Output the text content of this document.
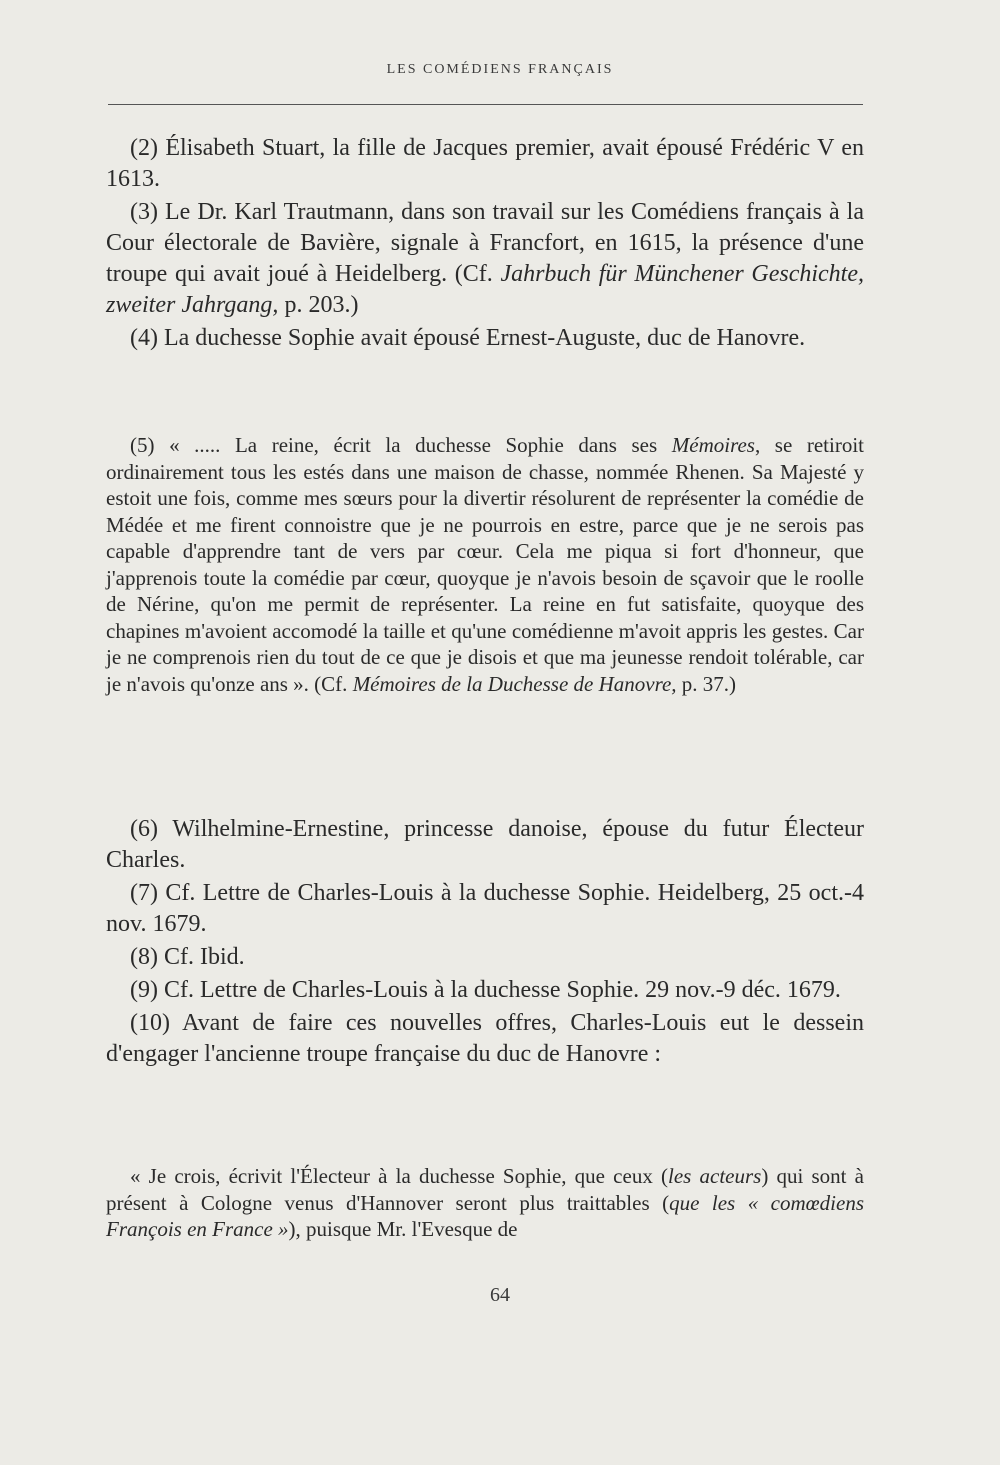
LES COMÉDIENS FRANÇAIS

(2) Élisabeth Stuart, la fille de Jacques premier, avait épousé Frédéric V en 1613.

(3) Le Dr. Karl Trautmann, dans son travail sur les Comédiens français à la Cour électorale de Bavière, signale à Francfort, en 1615, la présence d'une troupe qui avait joué à Heidelberg. (Cf. Jahrbuch für Münchener Geschichte, zweiter Jahrgang, p. 203.)

(4) La duchesse Sophie avait épousé Ernest-Auguste, duc de Hanovre.

(5) « ..... La reine, écrit la duchesse Sophie dans ses Mémoires, se retiroit ordinairement tous les estés dans une maison de chasse, nommée Rhenen. Sa Majesté y estoit une fois, comme mes sœurs pour la divertir résolurent de représenter la comédie de Médée et me firent connoistre que je ne pourrois en estre, parce que je ne serois pas capable d'apprendre tant de vers par cœur. Cela me piqua si fort d'honneur, que j'apprenois toute la comédie par cœur, quoyque je n'avois besoin de sçavoir que le roolle de Nérine, qu'on me permit de représenter. La reine en fut satisfaite, quoyque des chapines m'avoient accomodé la taille et qu'une comédienne m'avoit appris les gestes. Car je ne comprenois rien du tout de ce que je disois et que ma jeunesse rendoit tolérable, car je n'avois qu'onze ans ». (Cf. Mémoires de la Duchesse de Hanovre, p. 37.)

(6) Wilhelmine-Ernestine, princesse danoise, épouse du futur Électeur Charles.

(7) Cf. Lettre de Charles-Louis à la duchesse Sophie. Heidelberg, 25 oct.-4 nov. 1679.

(8) Cf. Ibid.

(9) Cf. Lettre de Charles-Louis à la duchesse Sophie. 29 nov.-9 déc. 1679.

(10) Avant de faire ces nouvelles offres, Charles-Louis eut le dessein d'engager l'ancienne troupe française du duc de Hanovre :

« Je crois, écrivit l'Électeur à la duchesse Sophie, que ceux (les acteurs) qui sont à présent à Cologne venus d'Hannover seront plus traittables (que les « comœdiens François en France »), puisque Mr. l'Evesque de

64
